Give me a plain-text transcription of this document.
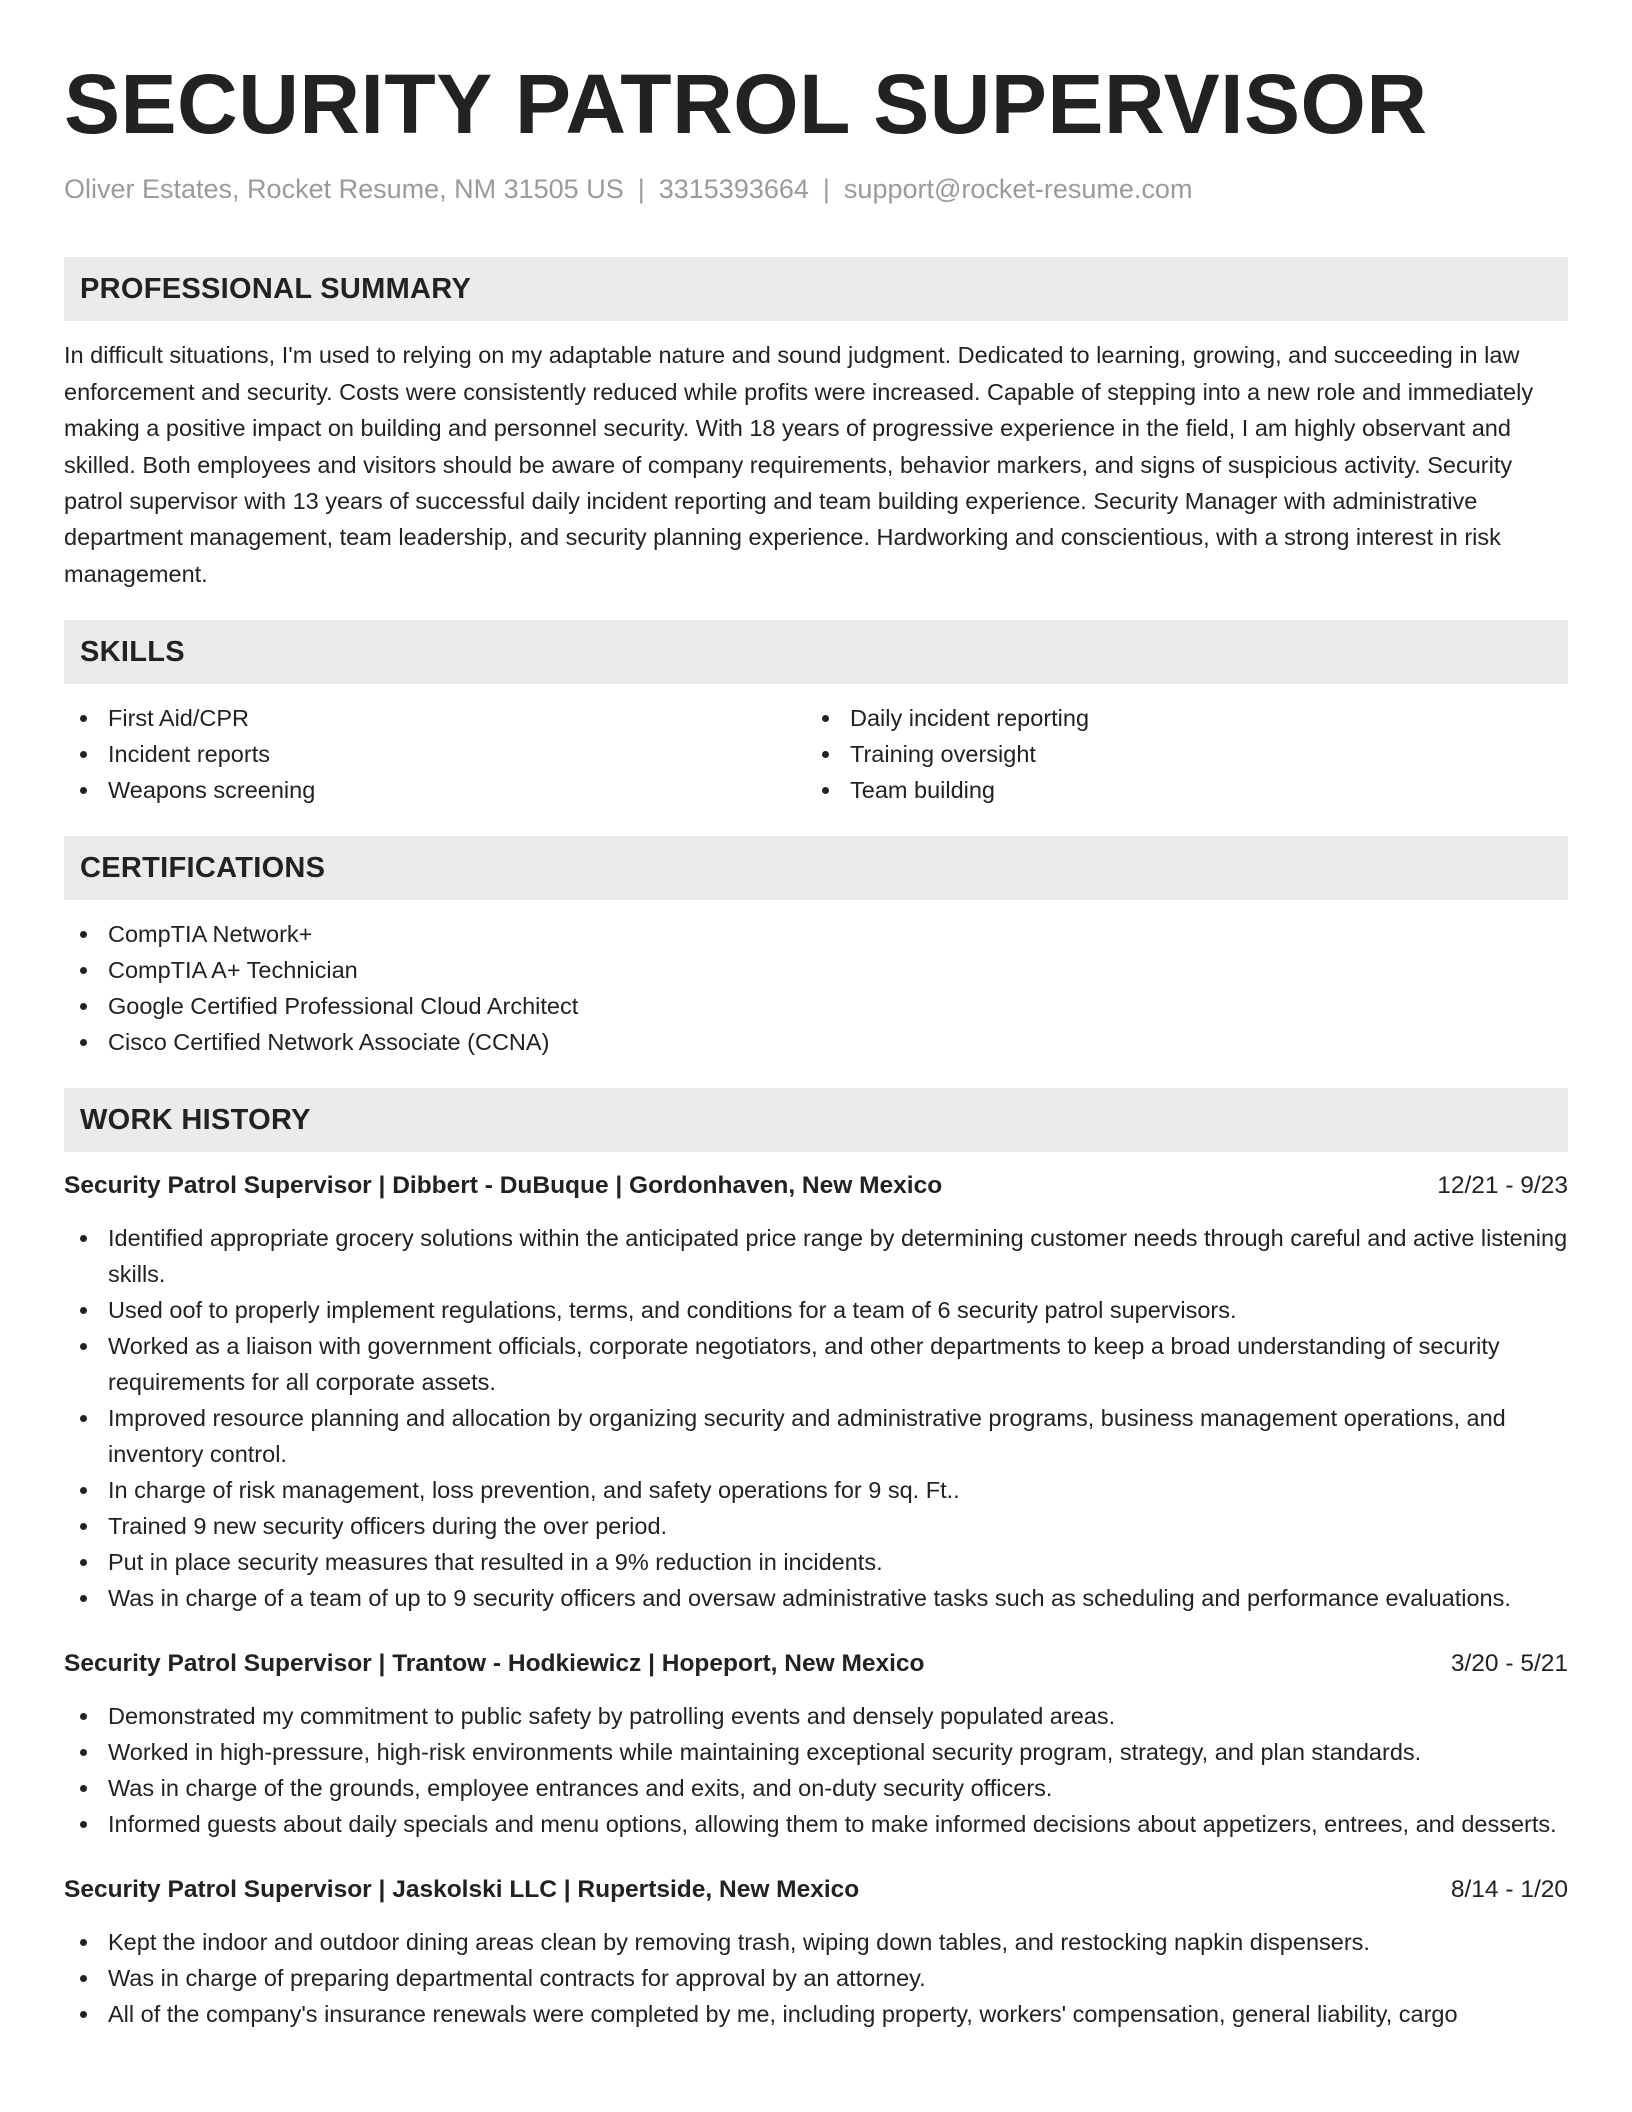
SECURITY PATROL SUPERVISOR
Oliver Estates, Rocket Resume, NM 31505 US | 3315393664 | support@rocket-resume.com
PROFESSIONAL SUMMARY
In difficult situations, I'm used to relying on my adaptable nature and sound judgment. Dedicated to learning, growing, and succeeding in law enforcement and security. Costs were consistently reduced while profits were increased. Capable of stepping into a new role and immediately making a positive impact on building and personnel security. With 18 years of progressive experience in the field, I am highly observant and skilled. Both employees and visitors should be aware of company requirements, behavior markers, and signs of suspicious activity. Security patrol supervisor with 13 years of successful daily incident reporting and team building experience. Security Manager with administrative department management, team leadership, and security planning experience. Hardworking and conscientious, with a strong interest in risk management.
SKILLS
First Aid/CPR
Incident reports
Weapons screening
Daily incident reporting
Training oversight
Team building
CERTIFICATIONS
CompTIA Network+
CompTIA A+ Technician
Google Certified Professional Cloud Architect
Cisco Certified Network Associate (CCNA)
WORK HISTORY
Security Patrol Supervisor | Dibbert - DuBuque | Gordonhaven, New Mexico	12/21 - 9/23
Identified appropriate grocery solutions within the anticipated price range by determining customer needs through careful and active listening skills.
Used oof to properly implement regulations, terms, and conditions for a team of 6 security patrol supervisors.
Worked as a liaison with government officials, corporate negotiators, and other departments to keep a broad understanding of security requirements for all corporate assets.
Improved resource planning and allocation by organizing security and administrative programs, business management operations, and inventory control.
In charge of risk management, loss prevention, and safety operations for 9 sq. Ft..
Trained 9 new security officers during the over period.
Put in place security measures that resulted in a 9% reduction in incidents.
Was in charge of a team of up to 9 security officers and oversaw administrative tasks such as scheduling and performance evaluations.
Security Patrol Supervisor | Trantow - Hodkiewicz | Hopeport, New Mexico	3/20 - 5/21
Demonstrated my commitment to public safety by patrolling events and densely populated areas.
Worked in high-pressure, high-risk environments while maintaining exceptional security program, strategy, and plan standards.
Was in charge of the grounds, employee entrances and exits, and on-duty security officers.
Informed guests about daily specials and menu options, allowing them to make informed decisions about appetizers, entrees, and desserts.
Security Patrol Supervisor | Jaskolski LLC | Rupertside, New Mexico	8/14 - 1/20
Kept the indoor and outdoor dining areas clean by removing trash, wiping down tables, and restocking napkin dispensers.
Was in charge of preparing departmental contracts for approval by an attorney.
All of the company's insurance renewals were completed by me, including property, workers' compensation, general liability, cargo
